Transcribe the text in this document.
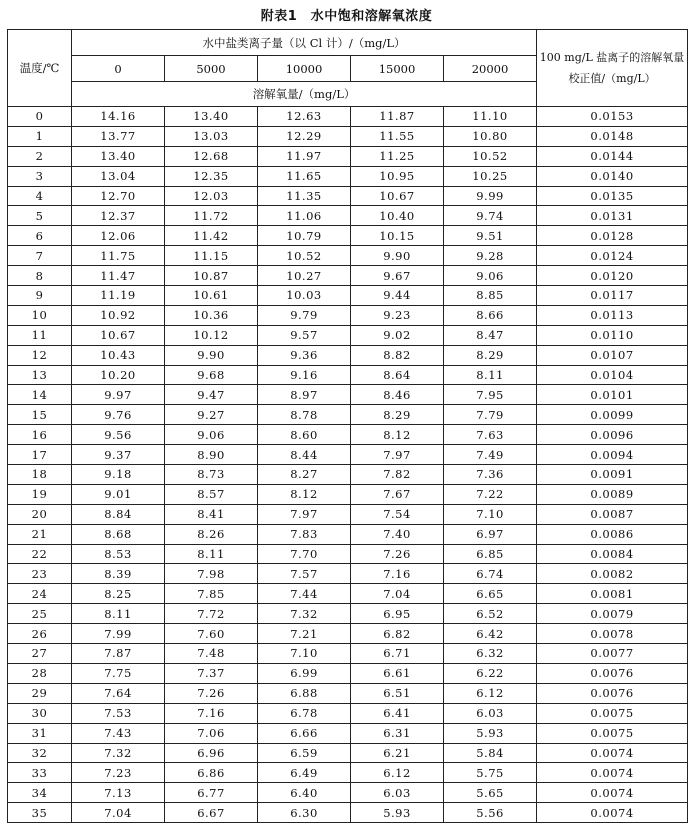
附表1　水中饱和溶解氧浓度
温度/℃	水中盐类离子量（以 Cl 计）/（mg/L）					100 mg/L 盐离子的溶解氧量校正值/（mg/L）
	0	5000	10000	15000	20000	
	溶解氧量/（mg/L）					
0	14.16	13.40	12.63	11.87	11.10	0.0153
1	13.77	13.03	12.29	11.55	10.80	0.0148
2	13.40	12.68	11.97	11.25	10.52	0.0144
3	13.04	12.35	11.65	10.95	10.25	0.0140
4	12.70	12.03	11.35	10.67	9.99	0.0135
5	12.37	11.72	11.06	10.40	9.74	0.0131
6	12.06	11.42	10.79	10.15	9.51	0.0128
7	11.75	11.15	10.52	9.90	9.28	0.0124
8	11.47	10.87	10.27	9.67	9.06	0.0120
9	11.19	10.61	10.03	9.44	8.85	0.0117
10	10.92	10.36	9.79	9.23	8.66	0.0113
11	10.67	10.12	9.57	9.02	8.47	0.0110
12	10.43	9.90	9.36	8.82	8.29	0.0107
13	10.20	9.68	9.16	8.64	8.11	0.0104
14	9.97	9.47	8.97	8.46	7.95	0.0101
15	9.76	9.27	8.78	8.29	7.79	0.0099
16	9.56	9.06	8.60	8.12	7.63	0.0096
17	9.37	8.90	8.44	7.97	7.49	0.0094
18	9.18	8.73	8.27	7.82	7.36	0.0091
19	9.01	8.57	8.12	7.67	7.22	0.0089
20	8.84	8.41	7.97	7.54	7.10	0.0087
21	8.68	8.26	7.83	7.40	6.97	0.0086
22	8.53	8.11	7.70	7.26	6.85	0.0084
23	8.39	7.98	7.57	7.16	6.74	0.0082
24	8.25	7.85	7.44	7.04	6.65	0.0081
25	8.11	7.72	7.32	6.95	6.52	0.0079
26	7.99	7.60	7.21	6.82	6.42	0.0078
27	7.87	7.48	7.10	6.71	6.32	0.0077
28	7.75	7.37	6.99	6.61	6.22	0.0076
29	7.64	7.26	6.88	6.51	6.12	0.0076
30	7.53	7.16	6.78	6.41	6.03	0.0075
31	7.43	7.06	6.66	6.31	5.93	0.0075
32	7.32	6.96	6.59	6.21	5.84	0.0074
33	7.23	6.86	6.49	6.12	5.75	0.0074
34	7.13	6.77	6.40	6.03	5.65	0.0074
35	7.04	6.67	6.30	5.93	5.56	0.0074
